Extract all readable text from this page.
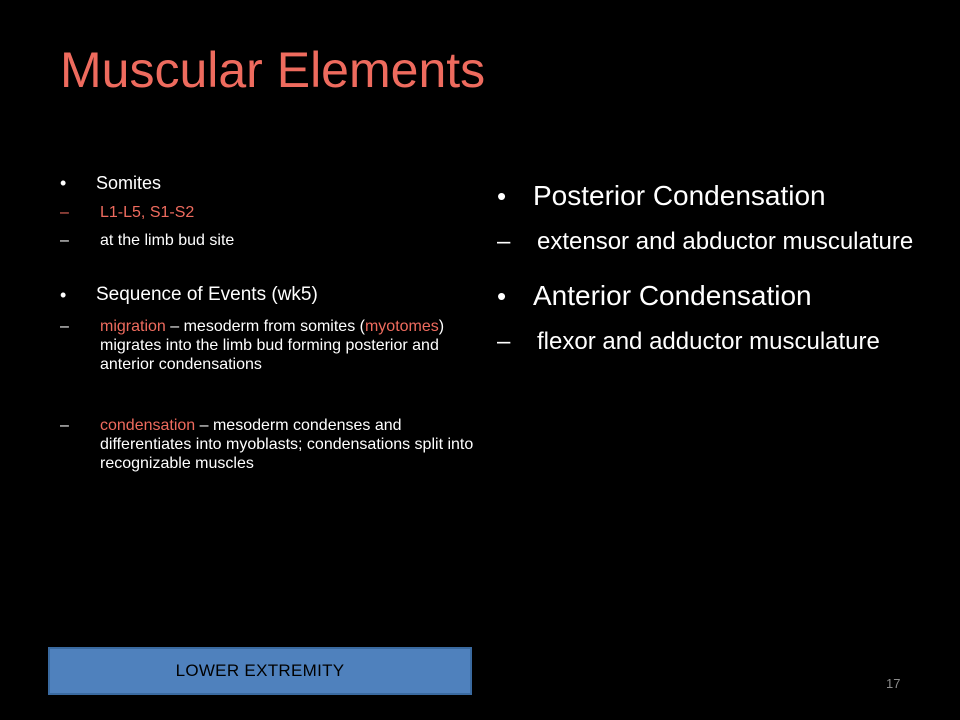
Muscular Elements
• Somites
– L1-L5, S1-S2
– at the limb bud site
• Sequence of Events (wk5)
– migration – mesoderm from somites (myotomes) migrates into the limb bud forming posterior and anterior condensations
– condensation – mesoderm condenses and differentiates into myoblasts; condensations split into recognizable muscles
• Posterior Condensation
– extensor and abductor musculature
• Anterior Condensation
– flexor and adductor musculature
LOWER EXTREMITY
17
